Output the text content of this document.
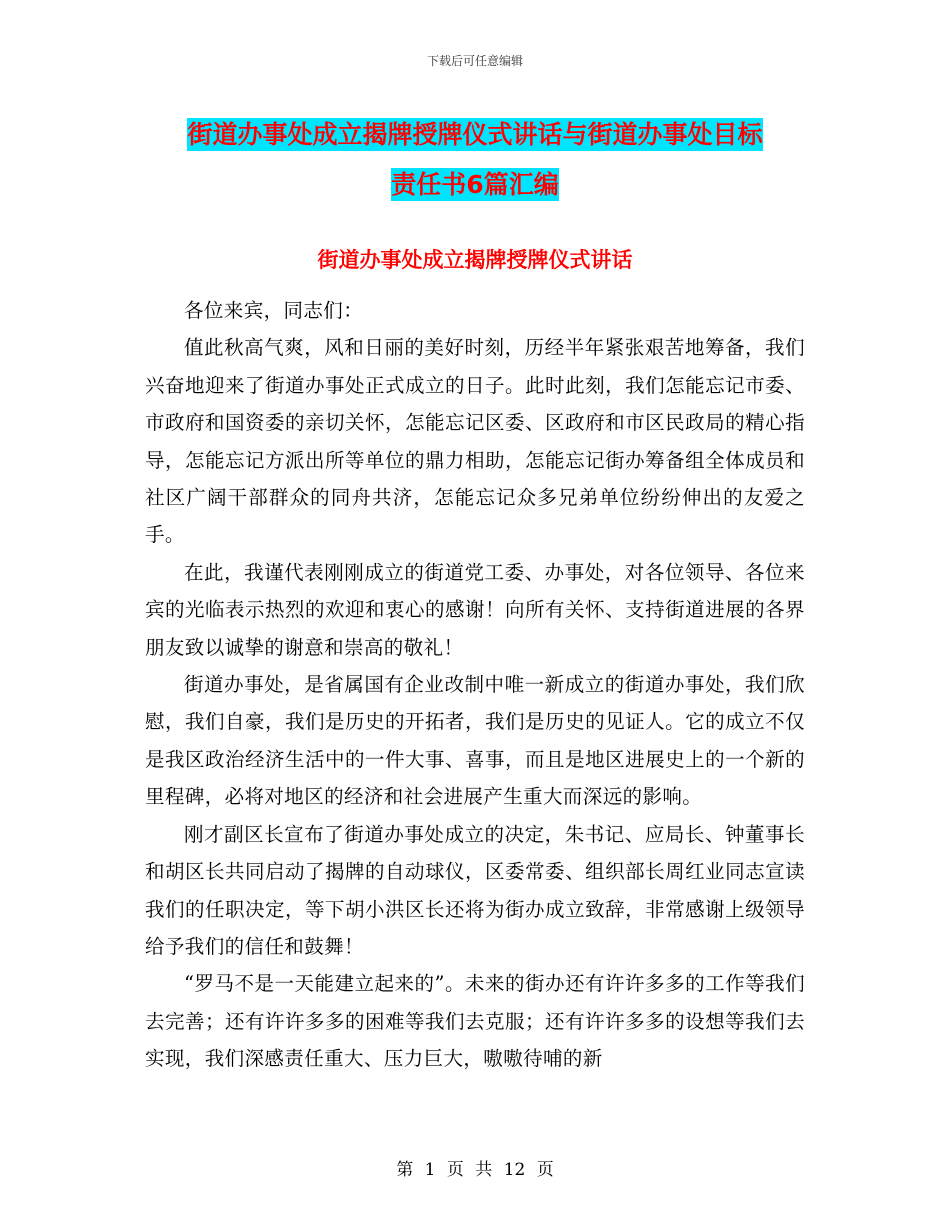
下载后可任意编辑
街道办事处成立揭牌授牌仪式讲话与街道办事处目标
责任书6篇汇编
街道办事处成立揭牌授牌仪式讲话

各位来宾，同志们：

值此秋高气爽，风和日丽的美好时刻，历经半年紧张艰苦地筹备，我们兴奋地迎来了街道办事处正式成立的日子。此时此刻，我们怎能忘记市委、市政府和国资委的亲切关怀，怎能忘记区委、区政府和市区民政局的精心指导，怎能忘记方派出所等单位的鼎力相助，怎能忘记街办筹备组全体成员和社区广阔干部群众的同舟共济，怎能忘记众多兄弟单位纷纷伸出的友爱之手。

在此，我谨代表刚刚成立的街道党工委、办事处，对各位领导、各位来宾的光临表示热烈的欢迎和衷心的感谢！向所有关怀、支持街道进展的各界朋友致以诚挚的谢意和崇高的敬礼！

街道办事处，是省属国有企业改制中唯一新成立的街道办事处，我们欣慰，我们自豪，我们是历史的开拓者，我们是历史的见证人。它的成立不仅是我区政治经济生活中的一件大事、喜事，而且是地区进展史上的一个新的里程碑，必将对地区的经济和社会进展产生重大而深远的影响。

刚才副区长宣布了街道办事处成立的决定，朱书记、应局长、钟董事长和胡区长共同启动了揭牌的自动球仪，区委常委、组织部长周红业同志宣读我们的任职决定，等下胡小洪区长还将为街办成立致辞，非常感谢上级领导给予我们的信任和鼓舞！

“罗马不是一天能建立起来的”。未来的街办还有许许多多的工作等我们去完善；还有许许多多的困难等我们去克服；还有许许多多的设想等我们去实现，我们深感责任重大、压力巨大，嗷嗷待哺的新

第 1 页 共 12 页
